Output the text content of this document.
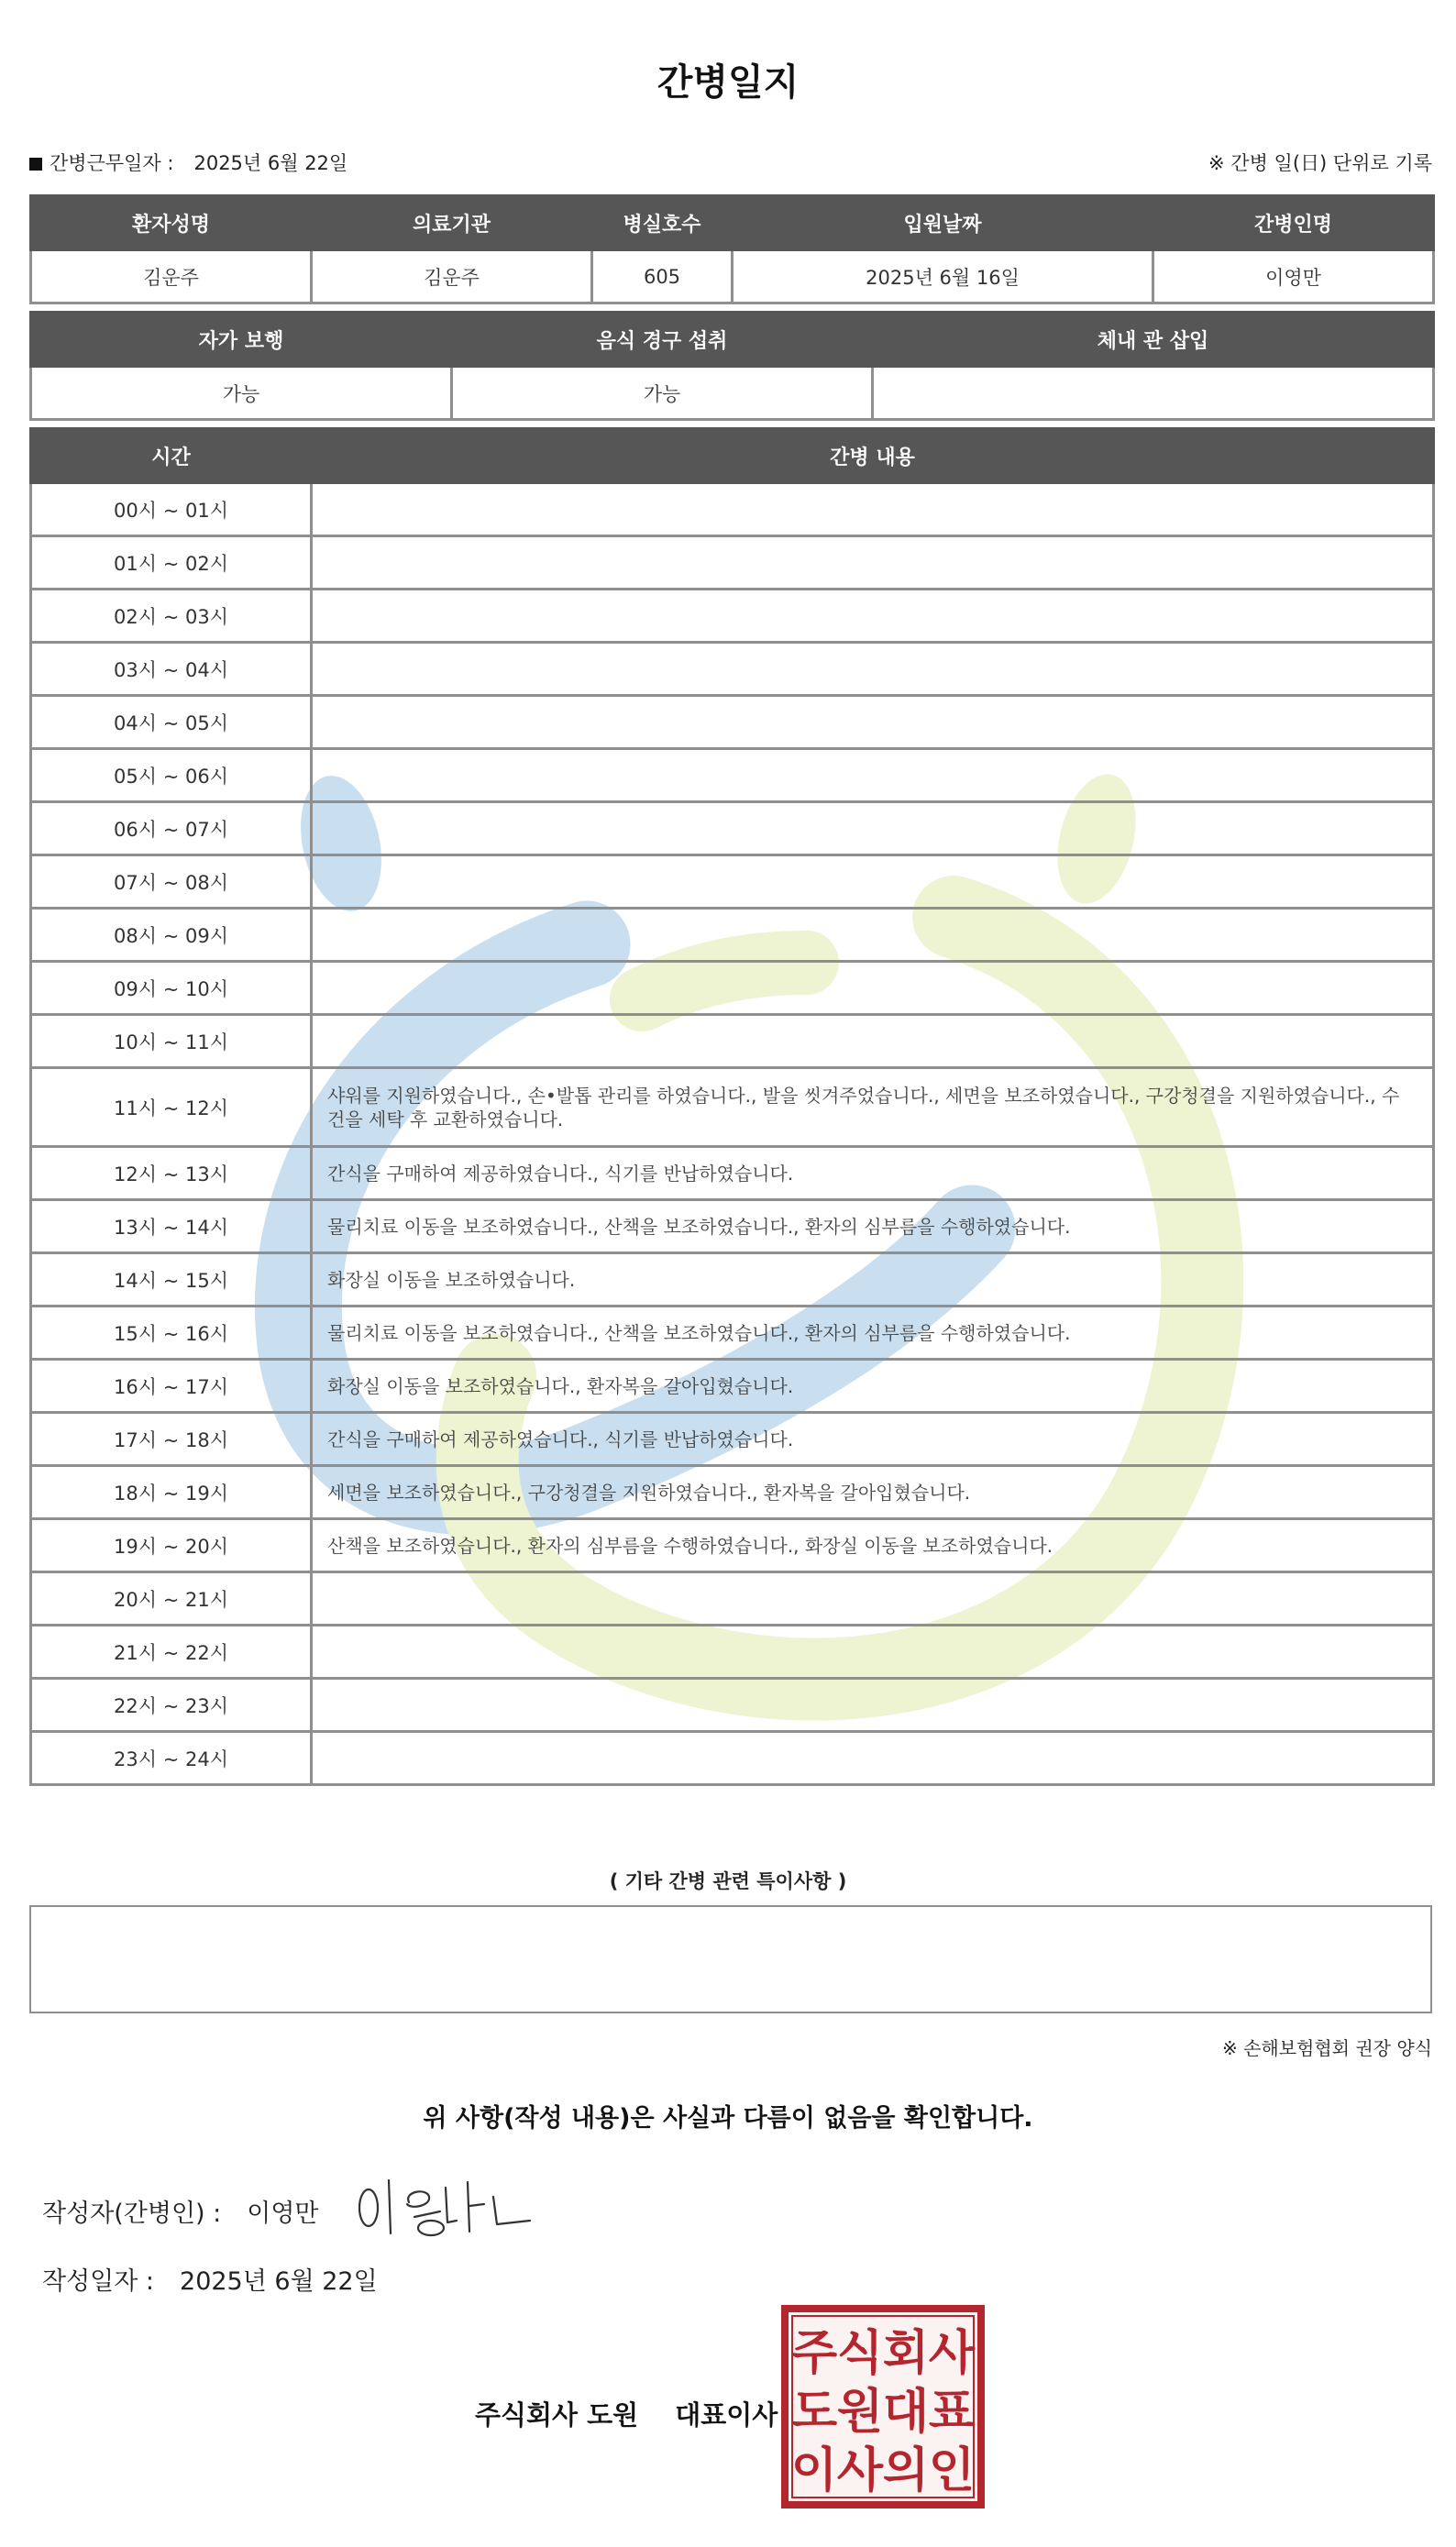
간병일지
간병근무일자 : 2025년 6월 22일	※ 간병 일(日) 단위로 기록
환자성명	의료기관	병실호수	입원날짜	간병인명
김운주	김운주	605	2025년 6월 16일	이영만
자가 보행	음식 경구 섭취	체내 관 삽입
가능	가능	
시간	간병 내용
00시 ~ 01시	
01시 ~ 02시	
02시 ~ 03시	
03시 ~ 04시	
04시 ~ 05시	
05시 ~ 06시	
06시 ~ 07시	
07시 ~ 08시	
08시 ~ 09시	
09시 ~ 10시	
10시 ~ 11시	
11시 ~ 12시	샤워를 지원하였습니다., 손•발톱 관리를 하였습니다., 발을 씻겨주었습니다., 세면을 보조하였습니다., 구강청결을 지원하였습니다., 수건을 세탁 후 교환하였습니다.
12시 ~ 13시	간식을 구매하여 제공하였습니다., 식기를 반납하였습니다.
13시 ~ 14시	물리치료 이동을 보조하였습니다., 산책을 보조하였습니다., 환자의 심부름을 수행하였습니다.
14시 ~ 15시	화장실 이동을 보조하였습니다.
15시 ~ 16시	물리치료 이동을 보조하였습니다., 산책을 보조하였습니다., 환자의 심부름을 수행하였습니다.
16시 ~ 17시	화장실 이동을 보조하였습니다., 환자복을 갈아입혔습니다.
17시 ~ 18시	간식을 구매하여 제공하였습니다., 식기를 반납하였습니다.
18시 ~ 19시	세면을 보조하였습니다., 구강청결을 지원하였습니다., 환자복을 갈아입혔습니다.
19시 ~ 20시	산책을 보조하였습니다., 환자의 심부름을 수행하였습니다., 화장실 이동을 보조하였습니다.
20시 ~ 21시	
21시 ~ 22시	
22시 ~ 23시	
23시 ~ 24시	
( 기타 간병 관련 특이사항 )
※ 손해보험협회 권장 양식
위 사항(작성 내용)은 사실과 다름이 없음을 확인합니다.
작성자(간병인) : 이영만
작성일자 : 2025년 6월 22일
주식회사 도원 대표이사
주 식 회 사
도 원 대 표
이 사 의 인
